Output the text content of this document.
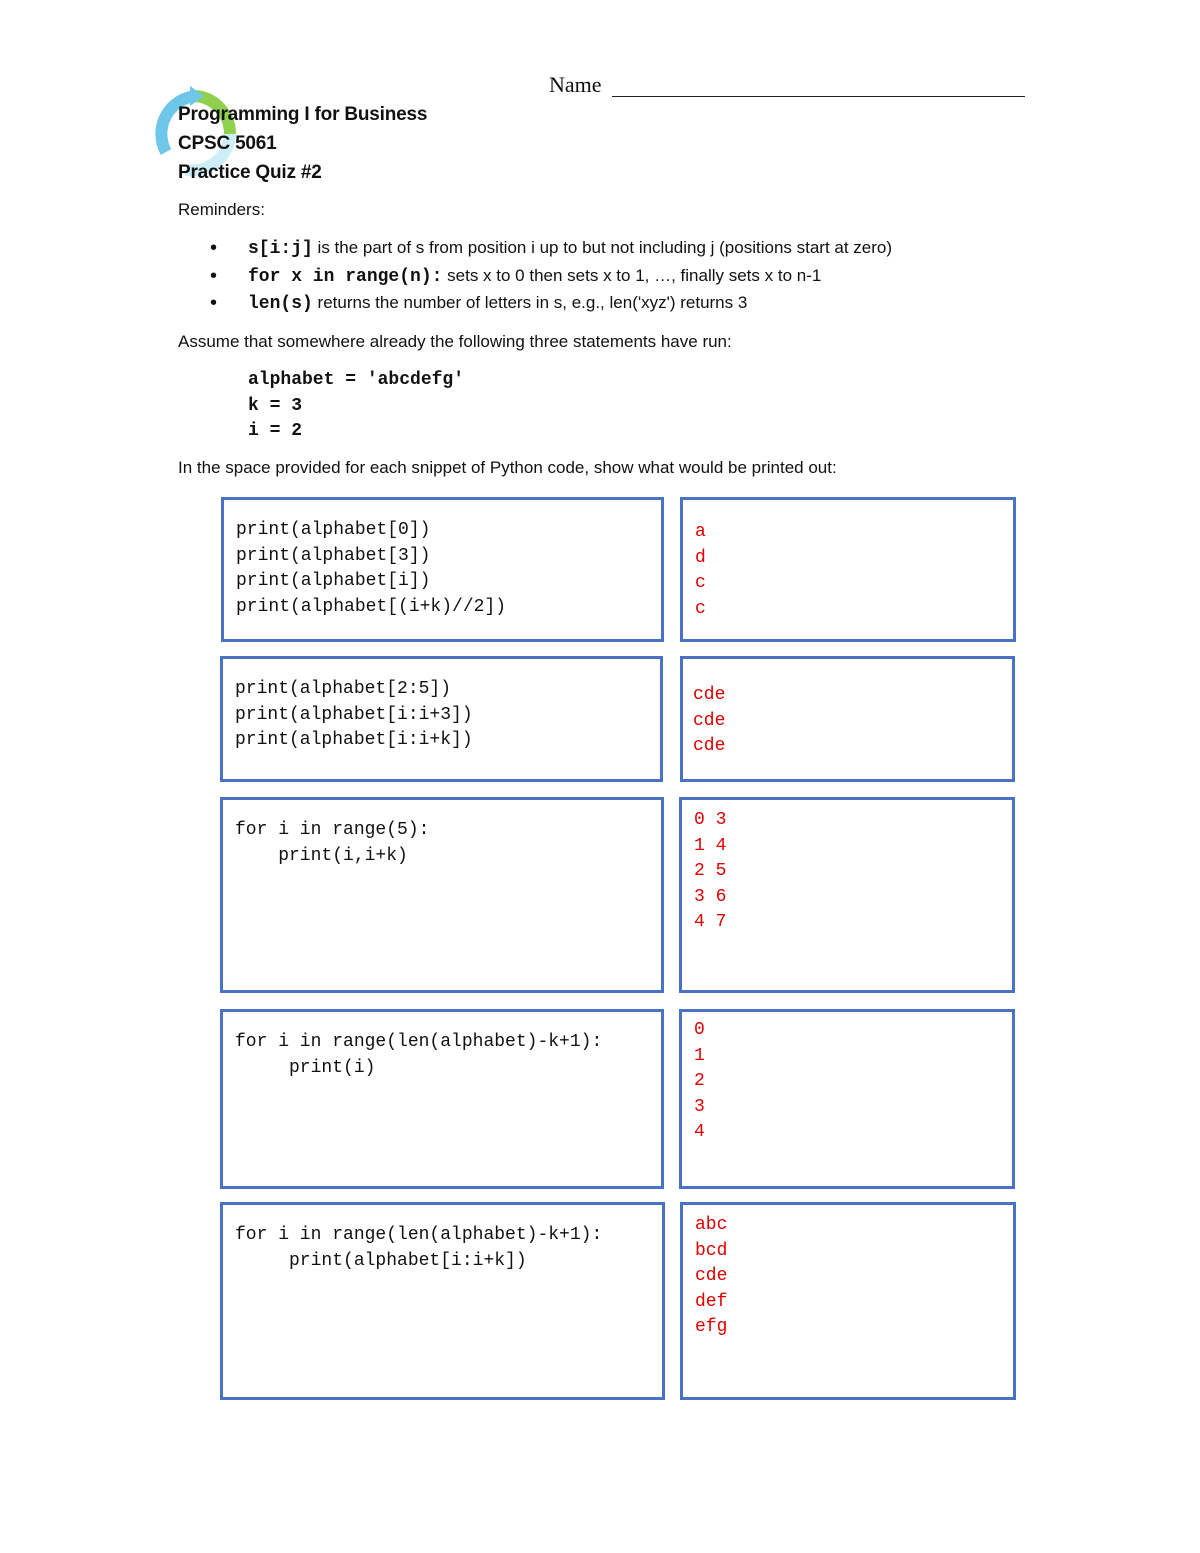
Name
Programming I for Business
CPSC 5061
Practice Quiz #2
Reminders:
• s[i:j] is the part of s from position i up to but not including j (positions start at zero)
• for x in range(n): sets x to 0 then sets x to 1, …, finally sets x to n-1
• len(s) returns the number of letters in s, e.g., len('xyz') returns 3
Assume that somewhere already the following three statements have run:
alphabet = 'abcdefg'
k = 3
i = 2
In the space provided for each snippet of Python code, show what would be printed out:
print(alphabet[0])
print(alphabet[3])
print(alphabet[i])
print(alphabet[(i+k)//2])
a
d
c
c
print(alphabet[2:5])
print(alphabet[i:i+3])
print(alphabet[i:i+k])
cde
cde
cde
for i in range(5):
print(i,i+k)
0 3
1 4
2 5
3 6
4 7
for i in range(len(alphabet)-k+1):
print(i)
0
1
2
3
4
for i in range(len(alphabet)-k+1):
print(alphabet[i:i+k])
abc
bcd
cde
def
efg
